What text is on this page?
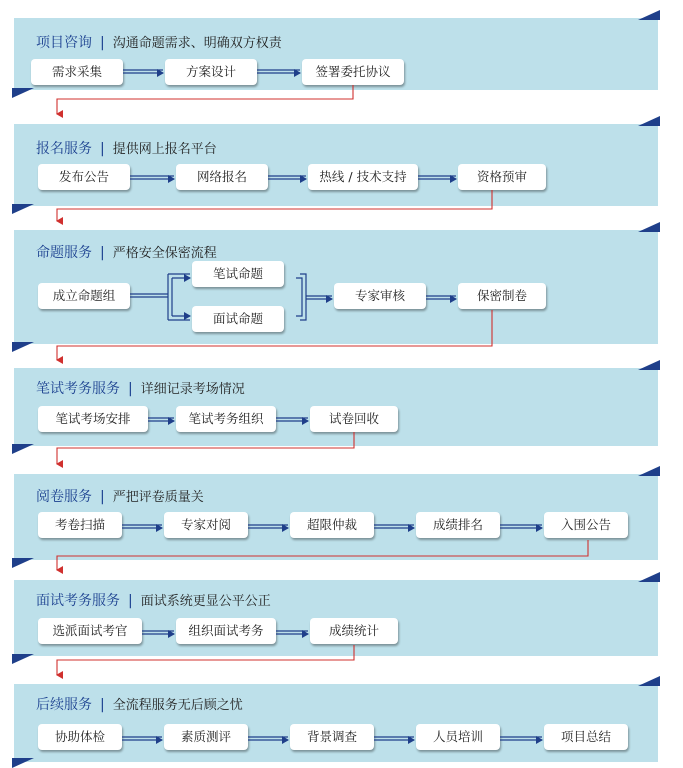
项目咨询 | 沟通命题需求、明确双方权责
需求采集	方案设计	签署委托协议
报名服务 | 提供网上报名平台
发布公告	网络报名	热线 / 技术支持	资格预审
命题服务 | 严格安全保密流程
成立命题组
笔试命题
面试命题
专家审核	保密制卷
笔试考务服务 | 详细记录考场情况
笔试考场安排	笔试考务组织	试卷回收
阅卷服务 | 严把评卷质量关
考卷扫描	专家对阅	超限仲裁	成绩排名	入围公告
面试考务服务 | 面试系统更显公平公正
选派面试考官	组织面试考务	成绩统计
后续服务 | 全流程服务无后顾之忧
协助体检	素质测评	背景调查	人员培训	项目总结
